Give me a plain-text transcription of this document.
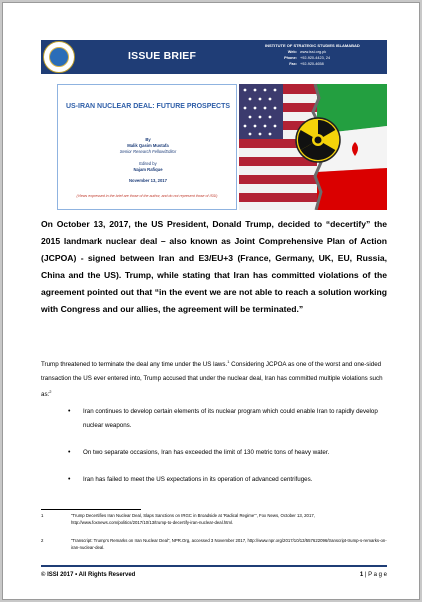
ISSUE BRIEF
INSTITUTE OF STRATEGIC STUDIES ISLAMABAD
Web: www.issi.org.pk
Phone: +92-920-4423, 24
Fax: +92-920-4658
US-IRAN NUCLEAR DEAL: FUTURE PROSPECTS
By
Malik Qasim Mustafa
Senior Research Fellow/Editor
Edited by
Najam Rafique
November 13, 2017
(Views expressed in the brief are those of the author, and do not represent those of ISSI)
On October 13, 2017, the US President, Donald Trump, decided to “decertify” the 2015 landmark nuclear deal – also known as Joint Comprehensive Plan of Action (JCPOA) - signed between Iran and E3/EU+3 (France, Germany, UK, EU, Russia, China and the US). Trump, while stating that Iran has committed violations of the agreement pointed out that “in the event we are not able to reach a solution working with Congress and our allies, the agreement will be terminated.”
Trump threatened to terminate the deal any time under the US laws.$^1$ Considering JCPOA as one of the worst and one-sided transaction the US ever entered into, Trump accused that under the nuclear deal, Iran has committed multiple violations such as:$^2$
• Iran continues to develop certain elements of its nuclear program which could enable Iran to rapidly develop nuclear weapons.
• On two separate occasions, Iran has exceeded the limit of 130 metric tons of heavy water.
• Iran has failed to meet the US expectations in its operation of advanced centrifuges.
1	“Trump Decertifies Iran Nuclear Deal, Slaps Sanctions on IRGC in Broadside at ‘Radical Regime’”, Fox News, October 13, 2017, http://www.foxnews.com/politics/2017/10/13/trump-to-decertify-iran-nuclear-deal.html.
2	“Transcript: Trump’s Remarks on Iran Nuclear Deal”, NPR.Org, accessed 3 November 2017, http://www.npr.org/2017/10/13/557622096/transcript-trump-s-remarks-on-iran-nuclear-deal.
© ISSI 2017 • All Rights Reserved	1 | P a g e
